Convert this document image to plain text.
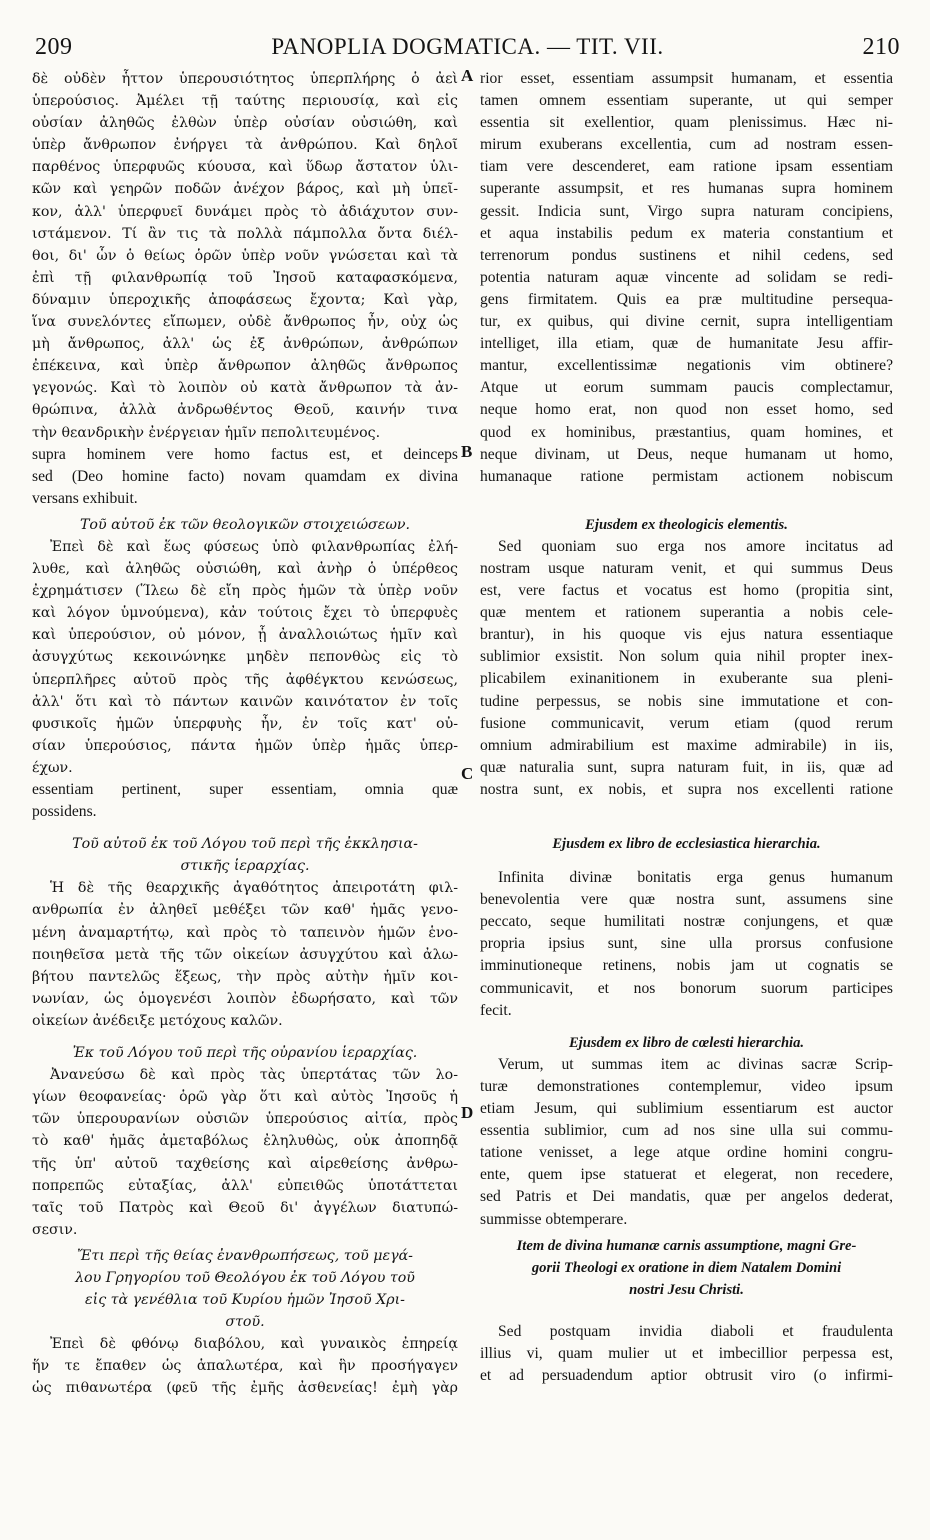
209	PANOPLIA DOGMATICA. — TIT. VII.	210
A
B
C
D
δὲ οὐδὲν ἧττον ὑπερουσιότητος ὑπερπλήρης ὁ ἀεὶ
ὑπερούσιος. Ἀμέλει τῇ ταύτης περιουσίᾳ, καὶ εἰς
οὐσίαν ἀληθῶς ἐλθὼν ὑπὲρ οὐσίαν οὐσιώθη, καὶ
ὑπὲρ ἄνθρωπον ἐνήργει τὰ ἀνθρώπου. Καὶ δηλοῖ
παρθένος ὑπερφυῶς κύουσα, καὶ ὕδωρ ἄστατον ὑλι-
κῶν καὶ γεηρῶν ποδῶν ἀνέχον βάρος, καὶ μὴ ὑπεῖ-
κον, ἀλλ' ὑπερφυεῖ δυνάμει πρὸς τὸ ἀδιάχυτον συν-
ιστάμενον. Τί ἂν τις τὰ πολλὰ πάμπολλα ὄντα διέλ-
θοι, δι' ὧν ὁ θείως ὁρῶν ὑπὲρ νοῦν γνώσεται καὶ τὰ
ἐπὶ τῇ φιλανθρωπίᾳ τοῦ Ἰησοῦ καταφασκόμενα,
δύναμιν ὑπεροχικῆς ἀποφάσεως ἔχοντα; Καὶ γὰρ,
ἵνα συνελόντες εἴπωμεν, οὐδὲ ἄνθρωπος ἦν, οὐχ ὡς
μὴ ἄνθρωπος, ἀλλ' ὡς ἐξ ἀνθρώπων, ἀνθρώπων
ἐπέκεινα, καὶ ὑπὲρ ἄνθρωπον ἀληθῶς ἄνθρωπος
γεγονώς. Καὶ τὸ λοιπὸν οὐ κατὰ ἄνθρωπον τὰ ἀν-
θρώπινα, ἀλλὰ ἀνδρωθέντος Θεοῦ, καινήν τινα
τὴν θεανδρικὴν ἐνέργειαν ἡμῖν πεπολιτευμένος.
supra hominem vere homo factus est, et deinceps
sed (Deo homine facto) novam quamdam ex divina
versans exhibuit.
Τοῦ αὐτοῦ ἐκ τῶν θεολογικῶν στοιχειώσεων.
Ἐπεὶ δὲ καὶ ἕως φύσεως ὑπὸ φιλανθρωπίας ἐλή-
λυθε, καὶ ἀληθῶς οὐσιώθη, καὶ ἀνὴρ ὁ ὑπέρθεος
ἐχρημάτισεν (Ἵλεω δὲ εἴη πρὸς ἡμῶν τὰ ὑπὲρ νοῦν
καὶ λόγον ὑμνούμενα), κἀν τούτοις ἔχει τὸ ὑπερφυὲς
καὶ ὑπερούσιον, οὐ μόνον, ᾗ ἀναλλοιώτως ἡμῖν καὶ
ἀσυγχύτως κεκοινώνηκε μηδὲν πεπονθὼς εἰς τὸ
ὑπερπλῆρες αὐτοῦ πρὸς τῆς ἀφθέγκτου κενώσεως,
ἀλλ' ὅτι καὶ τὸ πάντων καινῶν καινότατον ἐν τοῖς
φυσικοῖς ἡμῶν ὑπερφυὴς ἦν, ἐν τοῖς κατ' οὐ-
σίαν ὑπερούσιος, πάντα ἡμῶν ὑπὲρ ἡμᾶς ὑπερ-
έχων.
essentiam pertinent, super essentiam, omnia quæ
possidens.
Τοῦ αὐτοῦ ἐκ τοῦ Λόγου τοῦ περὶ τῆς ἐκκλησια-
στικῆς ἱεραρχίας.
Ἡ δὲ τῆς θεαρχικῆς ἀγαθότητος ἀπειροτάτη φιλ-
ανθρωπία ἐν ἀληθεῖ μεθέξει τῶν καθ' ἡμᾶς γενο-
μένη ἀναμαρτήτῳ, καὶ πρὸς τὸ ταπεινὸν ἡμῶν ἑνο-
ποιηθεῖσα μετὰ τῆς τῶν οἰκείων ἀσυγχύτου καὶ ἀλω-
βήτου παντελῶς ἕξεως, τὴν πρὸς αὐτὴν ἡμῖν κοι-
νωνίαν, ὡς ὁμογενέσι λοιπὸν ἐδωρήσατο, καὶ τῶν
οἰκείων ἀνέδειξε μετόχους καλῶν.
Ἐκ τοῦ Λόγου τοῦ περὶ τῆς οὐρανίου ἱεραρχίας.
Ἀνανεύσω δὲ καὶ πρὸς τὰς ὑπερτάτας τῶν λο-
γίων θεοφανείας· ὁρῶ γὰρ ὅτι καὶ αὐτὸς Ἰησοῦς ἡ
τῶν ὑπερουρανίων οὐσιῶν ὑπερούσιος αἰτία, πρὸς
τὸ καθ' ἡμᾶς ἀμεταβόλως ἐληλυθὼς, οὐκ ἀποπηδᾷ
τῆς ὑπ' αὐτοῦ ταχθείσης καὶ αἱρεθείσης ἀνθρω-
ποπρεπῶς εὐταξίας, ἀλλ' εὐπειθῶς ὑποτάττεται
ταῖς τοῦ Πατρὸς καὶ Θεοῦ δι' ἀγγέλων διατυπώ-
σεσιν.
Ἔτι περὶ τῆς θείας ἐνανθρωπήσεως, τοῦ μεγά-
λου Γρηγορίου τοῦ Θεολόγου ἐκ τοῦ Λόγου τοῦ
εἰς τὰ γενέθλια τοῦ Κυρίου ἡμῶν Ἰησοῦ Χρι-
στοῦ.
Ἐπεὶ δὲ φθόνῳ διαβόλου, καὶ γυναικὸς ἐπηρείᾳ
ἥν τε ἔπαθεν ὡς ἁπαλωτέρα, καὶ ἣν προσήγαγεν
ὡς πιθανωτέρα (φεῦ τῆς ἐμῆς ἀσθενείας! ἐμὴ γὰρ
rior esset, essentiam assumpsit humanam, et essentia
tamen omnem essentiam superante, ut qui semper
essentia sit exellentior, quam plenissimus. Hæc ni-
mirum exuberans excellentia, cum ad nostram essen-
tiam vere descenderet, eam ratione ipsam essentiam
superante assumpsit, et res humanas supra hominem
gessit. Indicia sunt, Virgo supra naturam concipiens,
et aqua instabilis pedum ex materia constantium et
terrenorum pondus sustinens et nihil cedens, sed
potentia naturam aquæ vincente ad solidam se redi-
gens firmitatem. Quis ea præ multitudine persequa-
tur, ex quibus, qui divine cernit, supra intelligentiam
intelliget, illa etiam, quæ de humanitate Jesu affir-
mantur, excellentissimæ negationis vim obtinere?
Atque ut eorum summam paucis complectamur,
neque homo erat, non quod non esset homo, sed
quod ex hominibus, præstantius, quam homines, et
neque divinam, ut Deus, neque humanam ut homo,
humanaque ratione permistam actionem nobiscum
Ejusdem ex theologicis elementis.
Sed quoniam suo erga nos amore incitatus ad
nostram usque naturam venit, et qui summus Deus
est, vere factus et vocatus est homo (propitia sint,
quæ mentem et rationem superantia a nobis cele-
brantur), in his quoque vis ejus natura essentiaque
sublimior exsistit. Non solum quia nihil propter inex-
plicabilem exinanitionem in exuberante sua pleni-
tudine perpessus, se nobis sine immutatione et con-
fusione communicavit, verum etiam (quod rerum
omnium admirabilium est maxime admirabile) in iis,
quæ naturalia sunt, supra naturam fuit, in iis, quæ ad
nostra sunt, ex nobis, et supra nos excellenti ratione
Ejusdem ex libro de ecclesiastica hierarchia.
Infinita divinæ bonitatis erga genus humanum
benevolentia vere quæ nostra sunt, assumens sine
peccato, seque humilitati nostræ conjungens, et quæ
propria ipsius sunt, sine ulla prorsus confusione
imminutioneque retinens, nobis jam ut cognatis se
communicavit, et nos bonorum suorum participes
fecit.
Ejusdem ex libro de cœlesti hierarchia.
Verum, ut summas item ac divinas sacræ Scrip-
turæ demonstrationes contemplemur, video ipsum
etiam Jesum, qui sublimium essentiarum est auctor
essentia sublimior, cum ad nos sine ulla sui commu-
tatione venisset, a lege atque ordine homini congru-
ente, quem ipse statuerat et elegerat, non recedere,
sed Patris et Dei mandatis, quæ per angelos dederat,
summisse obtemperare.
Item de divina humanæ carnis assumptione, magni Gre-
gorii Theologi ex oratione in diem Natalem Domini
nostri Jesu Christi.
Sed postquam invidia diaboli et fraudulenta
illius vi, quam mulier ut et imbecillior perpessa est,
et ad persuadendum aptior obtrusit viro (o infirmi-
